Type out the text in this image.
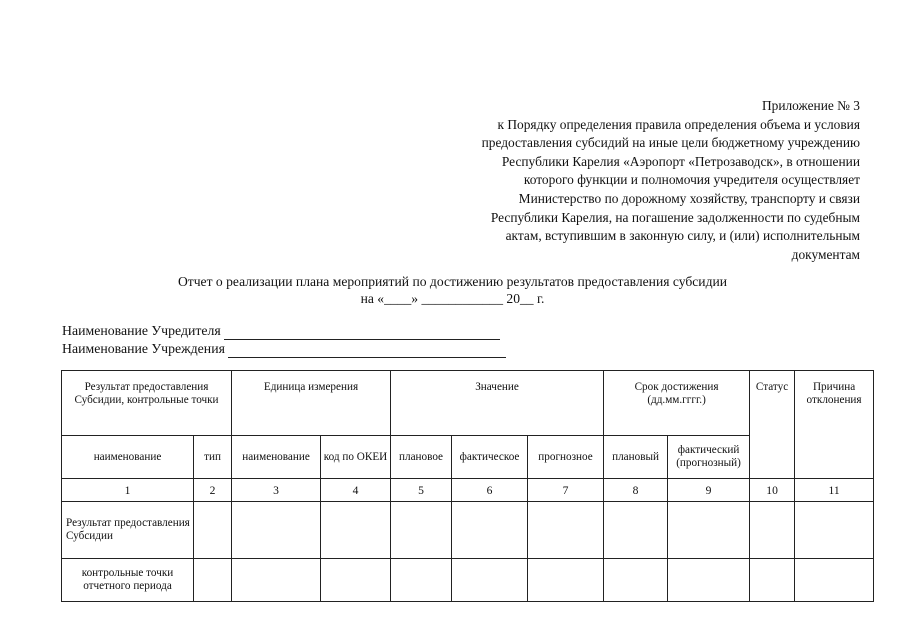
Приложение № 3
к Порядку определения правила определения объема и условия
предоставления субсидий на иные цели бюджетному учреждению
Республики Карелия «Аэропорт «Петрозаводск», в отношении
которого функции и полномочия учредителя осуществляет
Министерство по дорожному хозяйству, транспорту и связи
Республики Карелия, на погашение задолженности по судебным
актам, вступившим в законную силу, и (или) исполнительным
документам
Отчет о реализации плана мероприятий по достижению результатов предоставления субсидии
на «____» ____________ 20__ г.
Наименование Учредителя
Наименование Учреждения
Результат предоставления Субсидии, контрольные точки		Единица измерения		Значение			Срок достижения (дд.мм.гггг.)		Статус	Причина отклонения
наименование	тип	наименование	код по ОКЕИ	плановое	фактическое	прогнозное	плановый	фактический (прогнозный)		
1	2	3	4	5	6	7	8	9	10	11
Результат предоставления Субсидии										
контрольные точки отчетного периода										
